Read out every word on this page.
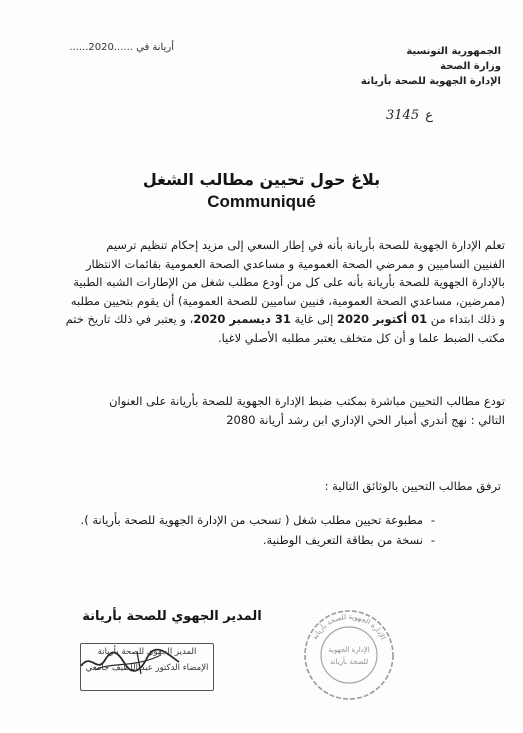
الجمهورية التونسية
وزارة الصحة
الإدارة الجهوية للصحة بأريانة
أريانة في ......2020......
3145 ع
بلاغ حول تحيين مطالب الشغل
Communiqué
تعلم الإدارة الجهوية للصحة بأريانة بأنه في إطار السعي إلى مزيد إحكام تنظيم ترسيم
الفنيين الساميين و ممرضي الصحة العمومية و مساعدي الصحة العمومية بقائمات الانتظار
بالإدارة الجهوية للصحة بأريانة بأنه على كل من أودع مطلب شغل من الإطارات الشبه الطبية
(ممرضين، مساعدي الصحة العمومية، فنيين ساميين للصحة العمومية) أن يقوم بتحيين مطلبه
و ذلك ابتداء من 01 أكتوبر 2020 إلى غاية 31 ديسمبر 2020، و يعتبر في ذلك تاريخ ختم
مكتب الضبط علما و أن كل متخلف يعتبر مطلبه الأصلي لاغيا.
تودع مطالب التحيين مباشرة بمكتب ضبط الإدارة الجهوية للصحة بأريانة على العنوان
التالي : نهج أندري أمبار الحي الإداري ابن رشد أريانة 2080
ترفق مطالب التحيين بالوثائق التالية :
-
مطبوعة تحيين مطلب شغل ( تسحب من الإدارة الجهوية للصحة بأريانة ).
-
نسخة من بطاقة التعريف الوطنية.
المدير الجهوي للصحة بأريانة
المدير الجهوي للصحة بأريانة
الإمضاء الدكتور عبد اللطيف جامعي
الإدارة الجهوية للصحة بأريانة
الإدارة الجهوية
للصحة بأريانة
